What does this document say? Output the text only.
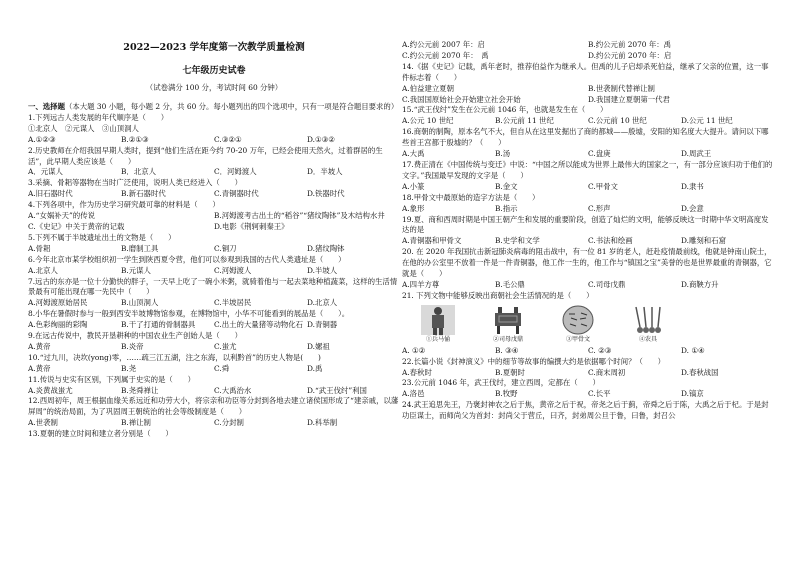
2022—2023 学年度第一次教学质量检测
七年级历史试卷
（试卷满分 100 分，考试时间 60 分钟）
一、选择题（本大题 30 小题，每小题 2 分，共 60 分。每小题列出的四个选项中，只有一项是符合题目要求的）
1.下列远古人类发展的年代顺序是（　　）
①北京人　②元谋人　③山顶洞人
A.①②③	B.②①③	C.③②①	D.①③②
2.历史教师在介绍我国早期人类时，提到“他们生活在距今约 70-20 万年，已经会使用天然火，过着群居的生活”，此早期人类应该是（　　）
A．元谋人	B．北京人	C．河姆渡人	D．半坡人
3.采摘、骨耜等器物在当时广泛使用，说明人类已经进入（　　）
A.旧石器时代	B.新石器时代	C.青铜器时代	D.铁器时代
4.下列各项中，作为历史学习研究最可靠的材料是（　　）
A.“女娲补天”的传说	B.河姆渡考古出土的“稻谷”“猪纹陶钵”及木结构水井
C.《史记》中关于黄帝的记载	D.电影《荆轲刺秦王》
5.下列不属于半坡遗址出土的文物是（　　）
A.骨耜	B.磨制工具	C.铜刀	D.猪纹陶钵
6.今年北京市某学校组织初一学生到陕西夏令营，他们可以参观到我国的古代人类遗址是（　　）
A.北京人	B.元谋人	C.河姆渡人	D.半坡人
7.远古的东亦是一位十分勤快的胖子，一天早上吃了一碗小米粥，就骑着他与一起去菜地种植蔬菜，这样的生活情景最有可能出现在哪一先民中（　　）
A.河姆渡原始居民	B.山顶洞人	C.半坡居民	D.北京人
8.小华在暑假时参与一般到西安半坡博物馆参观，在博物馆中，小华不可能看到的展品是（　　）。
A.色彩绚丽的彩陶	B.干了打通的骨制器具	C.出土的大量猪等动物化石 D.青铜器
9.在远古传说中，教民开垦耕种的中国农业生产创始人是（　　）
A.黄帝	B.炎帝	C.蚩尤	D.嫘祖
10.“过九川，决坎(yong)零，……疏三江五湖，注之东海，以利黔首”的历史人物是(　　)
A.黄帝	B.尧	C.舜	D.禹
11.传说与史实有区别，下列属于史实的是（　　）
A.炎黄战蚩尤	B.尧舜禅让	C.大禹治水	D.“武王伐纣”利国
12.西周初年，周王根据血缘关系远近和功劳大小，将宗亲和功臣等分封到各地去建立诸侯国形成了“建亲戚，以藩屏周”的统治局面，为了巩固周王朝统治的社会等级制度是（　　）
A.世袭制	B.禅让制	C.分封制	D.科举制
13.夏朝的建立时间和建立者分别是（　　）
A.约公元前 2007 年：启	B.约公元前 2070 年：禹
C.约公元前 2070 年：　禹	D.约公元前 2070 年：启
14.《据《史记》记载，禹年老时，推荐伯益作为继承人。但禹的儿子启却杀死伯益，继承了父亲的位置，这一事件标志着（　　）
A.伯益建立夏朝	B.世袭制代替禅让制
C.我国国原始社会开始建立社会开始	D.我国建立夏朝第一代君
15.“武王伐纣”发生在公元前 1046 年，也就是发生在（　　）
A.公元 10 世纪	B.公元前 11 世纪	C.公元前 10 世纪	D.公元 11 世纪
16.商朝的制陶，原本名气不大，但自从在这里发掘出了商的都城——殷墟，安阳的知名度大大提升。请问以下哪些首王宫都于殷墟的？（　　）
A.大禹	B.汤	C.盘庚	D.周武王
17.费正清在《中国传统与变迁》中说：“中国之所以能成为世界上最伟大的国家之一，有一部分应该归功于他们的文字。”我国最早发现的文字是（　　）
A.小篆	B.金文	C.甲骨文	D.隶书
18.甲骨文中最原始的造字方法是（　　）
A.象形	B.指示	C.形声	D.会意
19.夏、商和西周时期是中国王朝产生和发展的重要阶段，创造了灿烂的文明，能够反映这一时期中华文明高度发达的是
A.青铜器和甲骨文	B.史学和文学	C.书法和绘画	D.雕刻和石窟
20. 在 2020 年我国抗击新冠肺炎病毒的阻击战中，有一位 81 岁的老人，赶赴疫情最前线，他就是钟南山院士，在他的办公室里不放着一件是一件青铜器，他工作一生的，他工作与“镇国之宝”美誉的也是世界最重的青铜器，它就是（　　）
A.四羊方尊	B.毛公鼎	C.司母戊鼎	D.商鞅方升
21. 下列文物中能够反映出商朝社会生活情况的是（　　）
①兵马俑	②司母戊鼎	③甲骨文	④农具
A. ①②	B. ③④	C. ②③	D. ①④
22.长篇小说《封神演义》中的细节等故事的编撰大约是依据哪个时间？（　　）
A.春秋时	B.夏朝时	C.商末周初	D.春秋战国
23.公元前 1046 年，武王伐纣，建立西周，定都在（　　）
A.洛邑	B.牧野	C.长平	D.镐京
24.武王追思先王，乃褒封神农之后于焦，黄帝之后于祝，帝尧之后于蓟，帝舜之后于陈，大禹之后于杞。于是封功臣谋士，而师尚父为首封：封尚父于营丘，曰齐，封弟周公旦于鲁，曰鲁，封召公
